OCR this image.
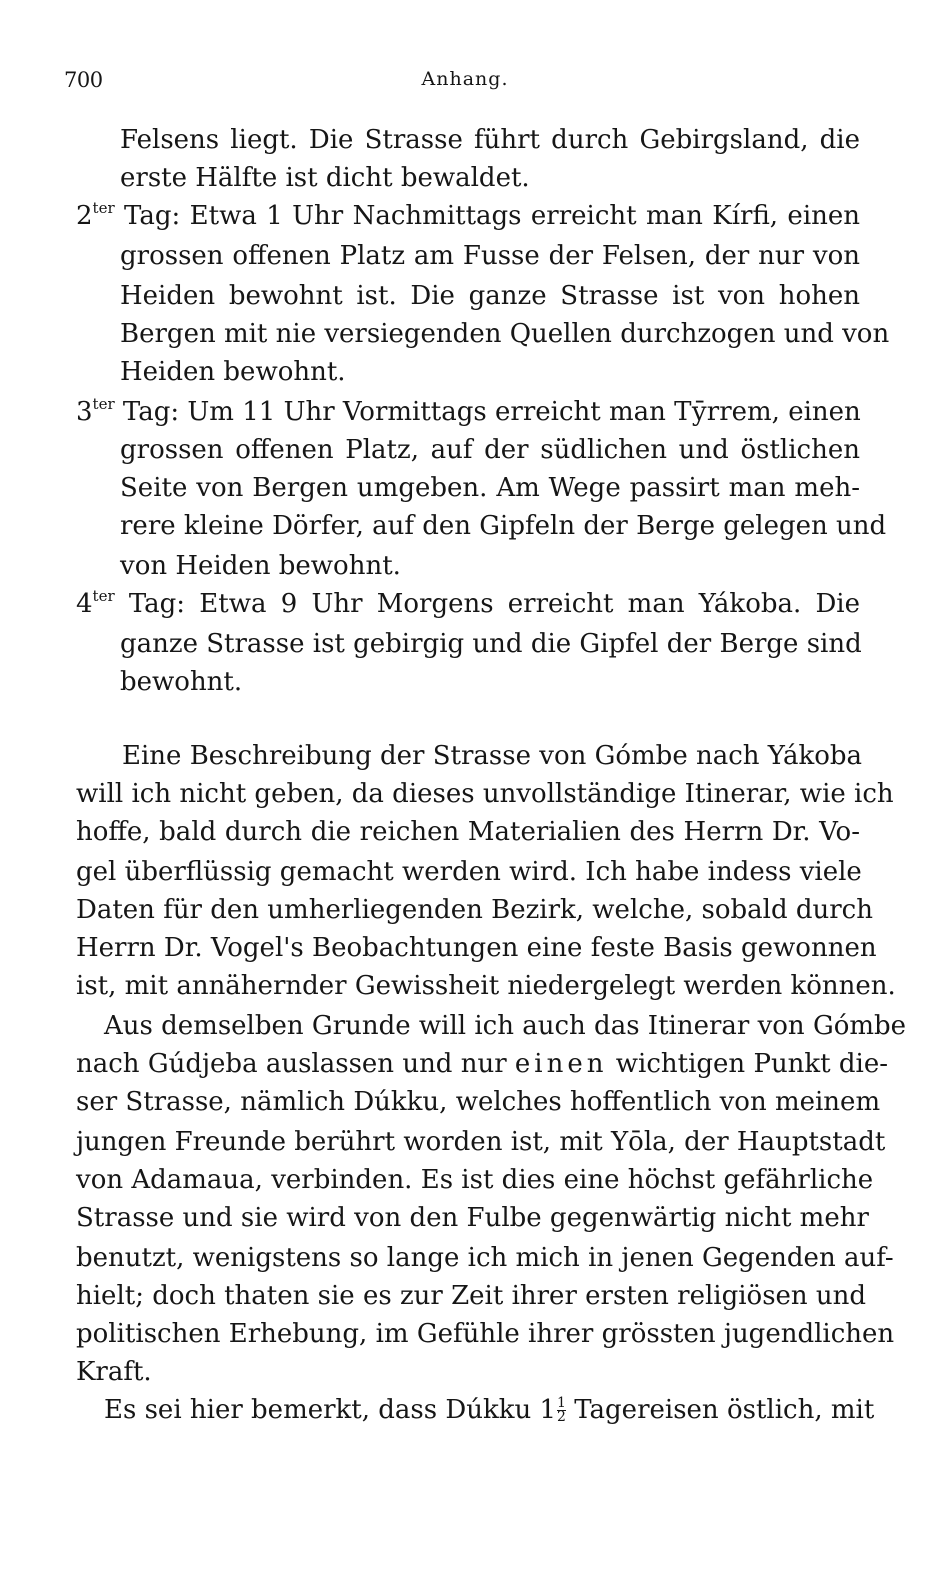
700	Anhang.
Felsens liegt. Die Strasse führt durch Gebirgsland, die
erste Hälfte ist dicht bewaldet.
$2^{ter}$ Tag: Etwa 1 Uhr Nachmittags erreicht man Kírfi, einen
grossen offenen Platz am Fusse der Felsen, der nur von
Heiden bewohnt ist. Die ganze Strasse ist von hohen
Bergen mit nie versiegenden Quellen durchzogen und von
Heiden bewohnt.
$3^{ter}$ Tag: Um 11 Uhr Vormittags erreicht man Tӯrrem, einen
grossen offenen Platz, auf der südlichen und östlichen
Seite von Bergen umgeben. Am Wege passirt man meh-
rere kleine Dörfer, auf den Gipfeln der Berge gelegen und
von Heiden bewohnt.
$4^{ter}$ Tag: Etwa 9 Uhr Morgens erreicht man Yákoba. Die
ganze Strasse ist gebirgig und die Gipfel der Berge sind
bewohnt.
Eine Beschreibung der Strasse von Gómbe nach Yákoba
will ich nicht geben, da dieses unvollständige Itinerar, wie ich
hoffe, bald durch die reichen Materialien des Herrn Dr. Vo-
gel überflüssig gemacht werden wird. Ich habe indess viele
Daten für den umherliegenden Bezirk, welche, sobald durch
Herrn Dr. Vogel's Beobachtungen eine feste Basis gewonnen
ist, mit annähernder Gewissheit niedergelegt werden können.
Aus demselben Grunde will ich auch das Itinerar von Gómbe
nach Gúdjeba auslassen und nur einen wichtigen Punkt die-
ser Strasse, nämlich Dúkku, welches hoffentlich von meinem
jungen Freunde berührt worden ist, mit Yōla, der Hauptstadt
von Adamaua, verbinden. Es ist dies eine höchst gefährliche
Strasse und sie wird von den Fulbe gegenwärtig nicht mehr
benutzt, wenigstens so lange ich mich in jenen Gegenden auf-
hielt; doch thaten sie es zur Zeit ihrer ersten religiösen und
politischen Erhebung, im Gefühle ihrer grössten jugendlichen
Kraft.
Es sei hier bemerkt, dass Dúkku $1 \frac{1}{2}$ Tagereisen östlich, mit
